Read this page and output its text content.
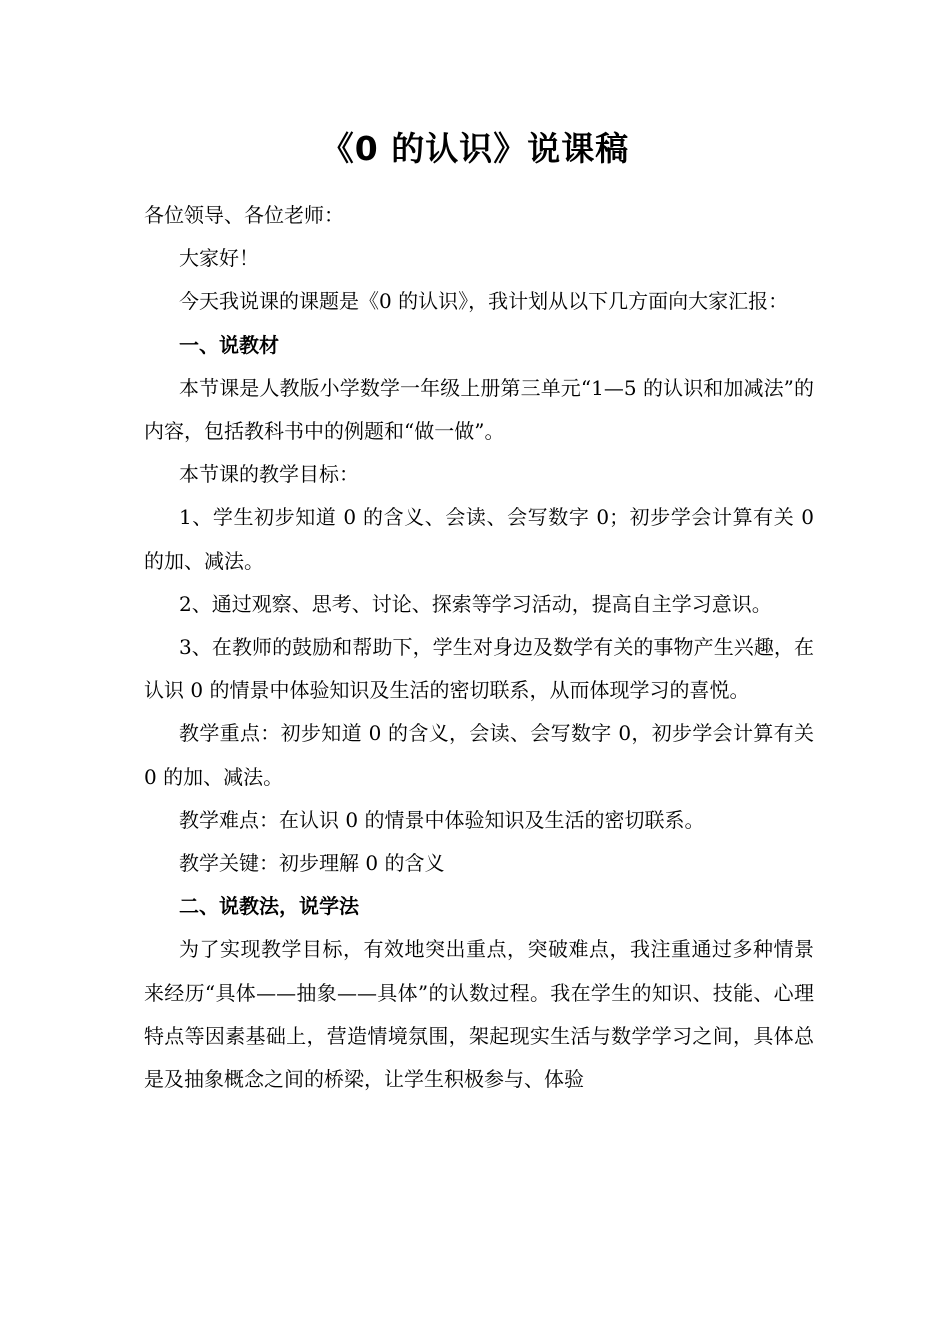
《0 的认识》说课稿

各位领导、各位老师：

大家好！

今天我说课的课题是《0 的认识》，我计划从以下几方面向大家汇报：

一、说教材

本节课是人教版小学数学一年级上册第三单元“1—5 的认识和加减法”的内容，包括教科书中的例题和“做一做”。

本节课的教学目标：

1、学生初步知道 0 的含义、会读、会写数字 0；初步学会计算有关 0 的加、减法。

2、通过观察、思考、讨论、探索等学习活动，提高自主学习意识。

3、在教师的鼓励和帮助下，学生对身边及数学有关的事物产生兴趣，在认识 0 的情景中体验知识及生活的密切联系，从而体现学习的喜悦。

教学重点：初步知道 0 的含义，会读、会写数字 0，初步学会计算有关 0 的加、减法。

教学难点：在认识 0 的情景中体验知识及生活的密切联系。

教学关键：初步理解 0 的含义

二、说教法，说学法

为了实现教学目标，有效地突出重点，突破难点，我注重通过多种情景来经历“具体——抽象——具体”的认数过程。我在学生的知识、技能、心理特点等因素基础上，营造情境氛围，架起现实生活与数学学习之间，具体总是及抽象概念之间的桥梁，让学生积极参与、体验
